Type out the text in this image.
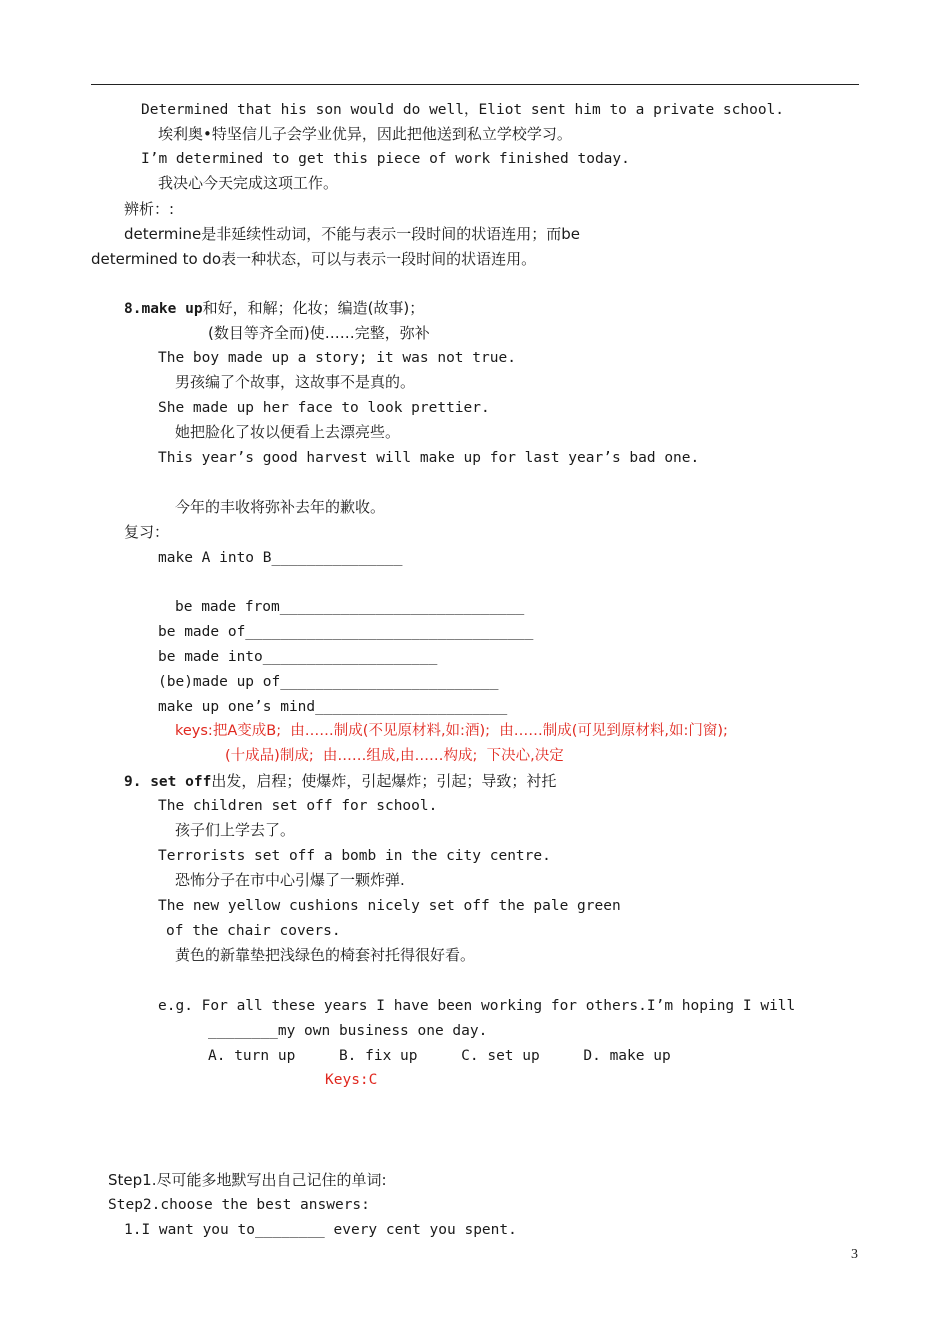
Determined that his son would do well，Eliot sent him to a private school.
埃利奥•特坚信儿子会学业优异，因此把他送到私立学校学习。
I’m determined to get this piece of work finished today.
我决心今天完成这项工作。
辨析：:
determine是非延续性动词，不能与表示一段时间的状语连用；而be
determined to do表一种状态，可以与表示一段时间的状语连用。
8.make up和好，和解；化妆；编造(故事)；
(数目等齐全而)使……完整，弥补
The boy made up a story; it was not true.
男孩编了个故事，这故事不是真的。
She made up her face to look prettier.
她把脸化了妆以便看上去漂亮些。
This year’s good harvest will make up for last year’s bad one.
今年的丰收将弥补去年的歉收。
复习：
make A into B_______________
be made from____________________________
be made of_________________________________
be made into____________________
(be)made up of_________________________
make up one’s mind______________________
keys:把A变成B;  由……制成(不见原材料,如:酒);  由……制成(可见到原材料,如:门窗);
(十成品)制成;  由……组成,由……构成;  下决心,决定
9. set off出发，启程；使爆炸，引起爆炸；引起；导致；衬托
The children set off for school.
孩子们上学去了。
Terrorists set off a bomb in the city centre.
恐怖分子在市中心引爆了一颗炸弹.
The new yellow cushions nicely set off the pale green
of the chair covers.
黄色的新靠垫把浅绿色的椅套衬托得很好看。
e.g. For all these years I have been working for others.I’m hoping I will
________my own business one day.
A. turn up     B. fix up     C. set up     D. make up
Keys:C
Step1.尽可能多地默写出自己记住的单词:
Step2.choose the best answers:
1.I want you to________ every cent you spent.
3
